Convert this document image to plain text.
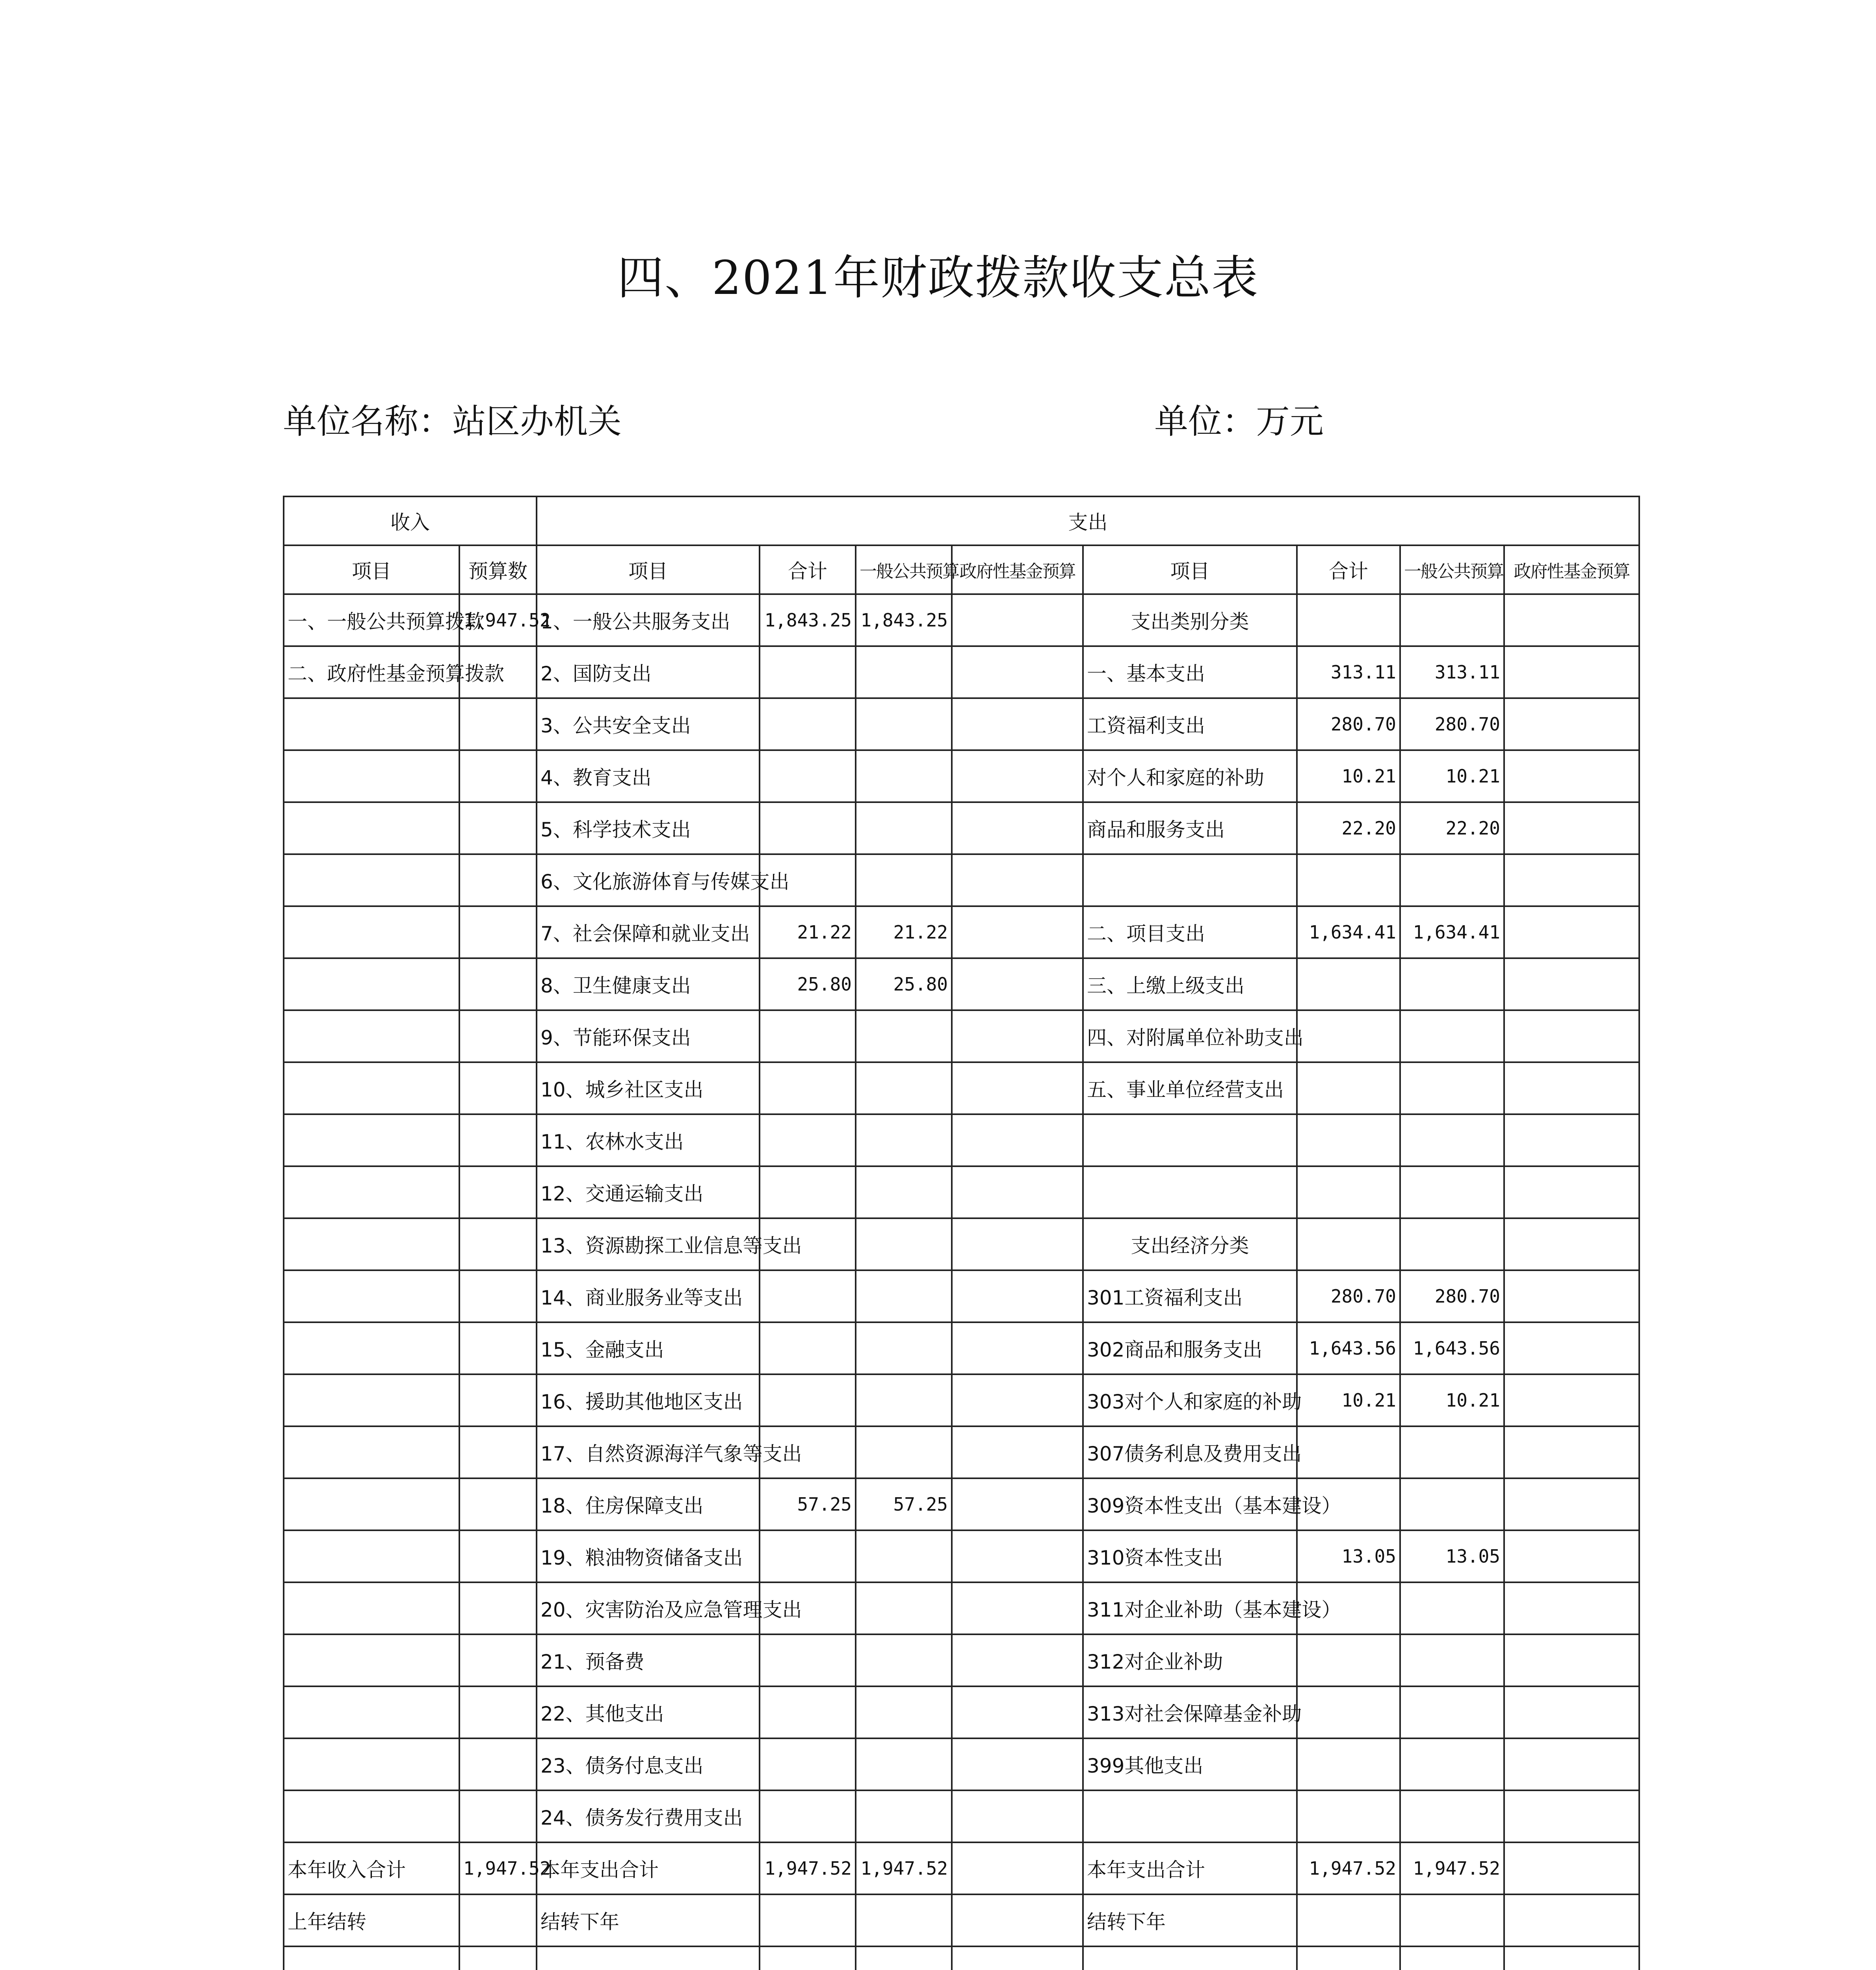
四、2021年财政拨款收支总表
单位名称：站区办机关	单位：万元
收入		支出							
项目	预算数	项目	合计	一般公共预算	政府性基金预算	项目	合计	一般公共预算	政府性基金预算
一、一般公共预算拨款	1,947.52	1、一般公共服务支出	1,843.25	1,843.25		支出类别分类			
二、政府性基金预算拨款		2、国防支出				一、基本支出	313.11	313.11	
		3、公共安全支出				工资福利支出	280.70	280.70	
		4、教育支出				对个人和家庭的补助	10.21	10.21	
		5、科学技术支出				商品和服务支出	22.20	22.20	
		6、文化旅游体育与传媒支出							
		7、社会保障和就业支出	21.22	21.22		二、项目支出	1,634.41	1,634.41	
		8、卫生健康支出	25.80	25.80		三、上缴上级支出			
		9、节能环保支出				四、对附属单位补助支出			
		10、城乡社区支出				五、事业单位经营支出			
		11、农林水支出							
		12、交通运输支出							
		13、资源勘探工业信息等支出				支出经济分类			
		14、商业服务业等支出				301工资福利支出	280.70	280.70	
		15、金融支出				302商品和服务支出	1,643.56	1,643.56	
		16、援助其他地区支出				303对个人和家庭的补助	10.21	10.21	
		17、自然资源海洋气象等支出				307债务利息及费用支出			
		18、住房保障支出	57.25	57.25		309资本性支出（基本建设）			
		19、粮油物资储备支出				310资本性支出	13.05	13.05	
		20、灾害防治及应急管理支出				311对企业补助（基本建设）			
		21、预备费				312对企业补助			
		22、其他支出				313对社会保障基金补助			
		23、债务付息支出				399其他支出			
		24、债务发行费用支出							
本年收入合计	1,947.52	本年支出合计	1,947.52	1,947.52		本年支出合计	1,947.52	1,947.52	
上年结转		结转下年				结转下年			
